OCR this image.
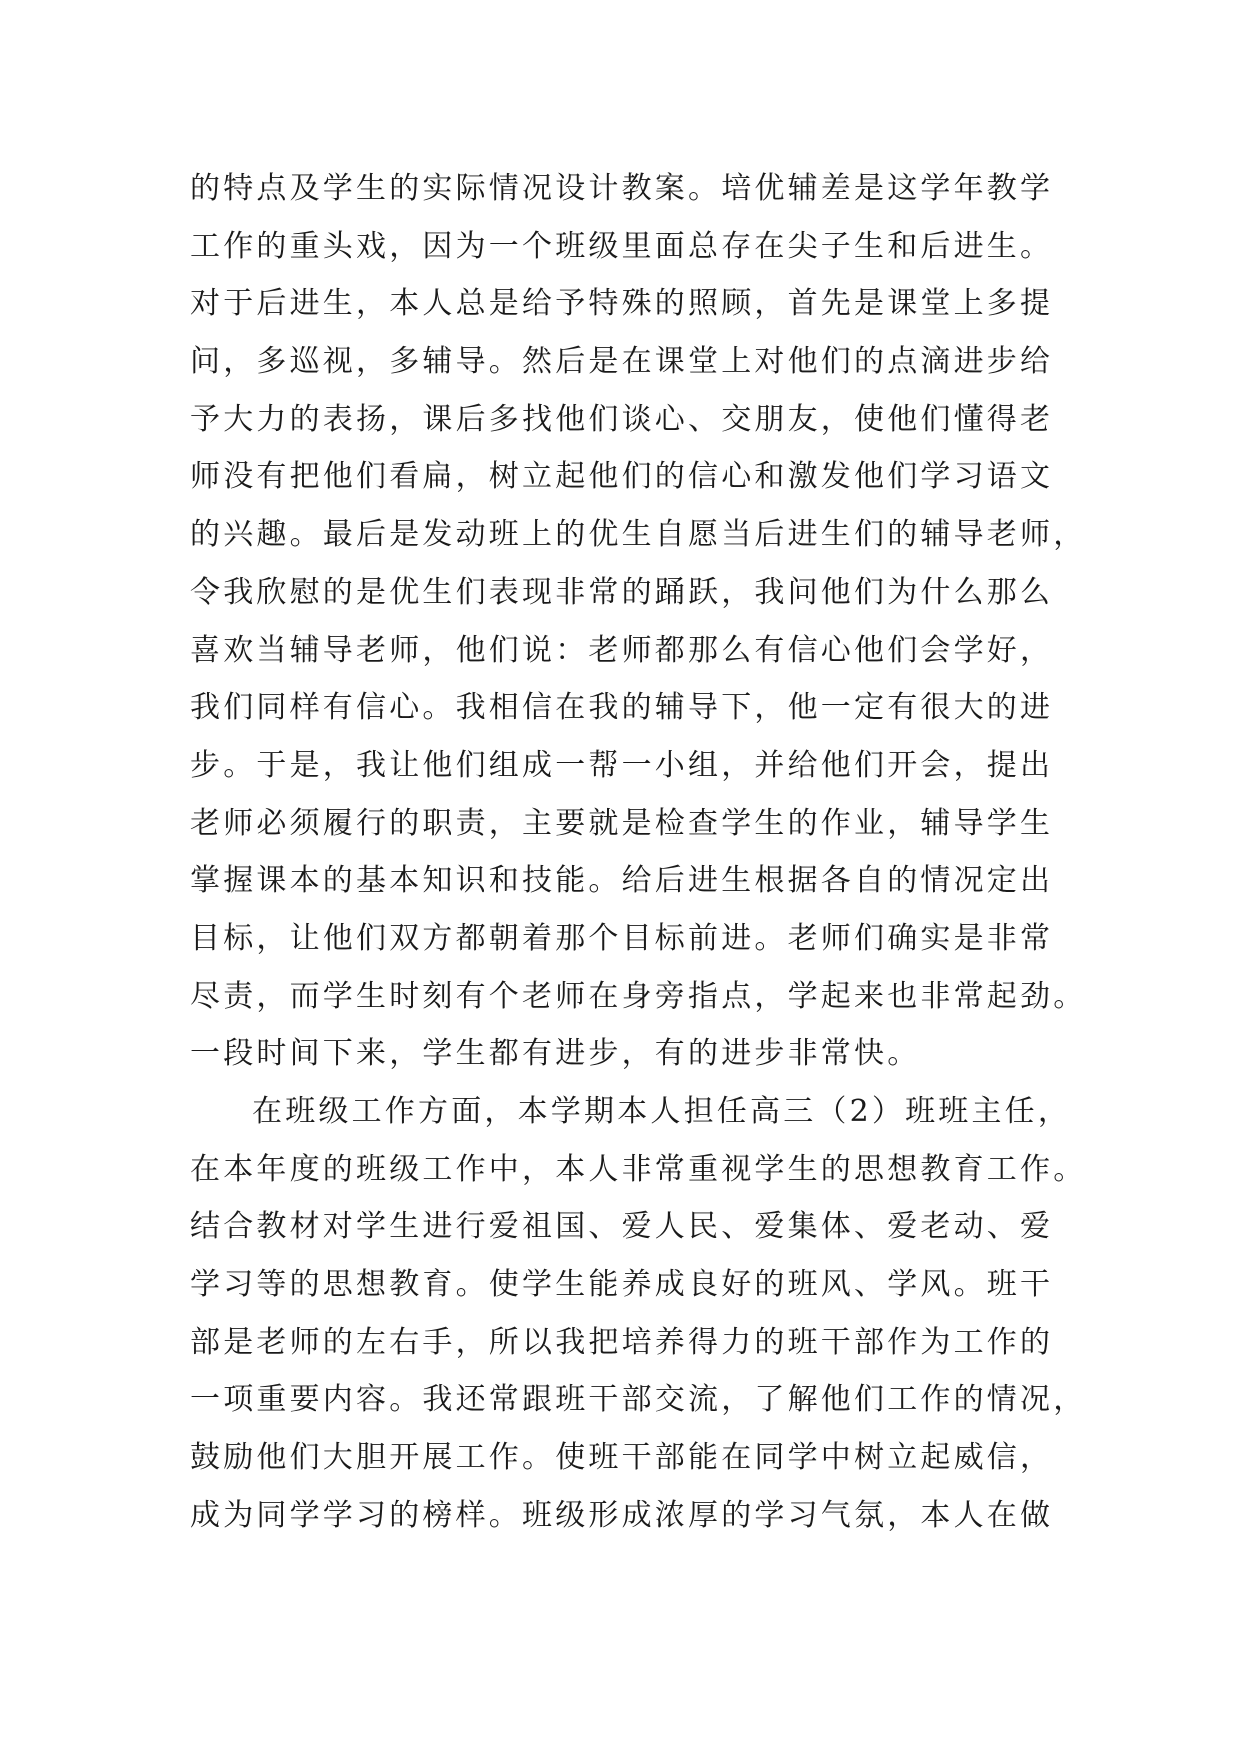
的特点及学生的实际情况设计教案。培优辅差是这学年教学
工作的重头戏，因为一个班级里面总存在尖子生和后进生。
对于后进生，本人总是给予特殊的照顾，首先是课堂上多提
问，多巡视，多辅导。然后是在课堂上对他们的点滴进步给
予大力的表扬，课后多找他们谈心、交朋友，使他们懂得老
师没有把他们看扁，树立起他们的信心和激发他们学习语文
的兴趣。最后是发动班上的优生自愿当后进生们的辅导老师，
令我欣慰的是优生们表现非常的踊跃，我问他们为什么那么
喜欢当辅导老师，他们说：老师都那么有信心他们会学好，
我们同样有信心。我相信在我的辅导下，他一定有很大的进
步。于是，我让他们组成一帮一小组，并给他们开会，提出
老师必须履行的职责，主要就是检查学生的作业，辅导学生
掌握课本的基本知识和技能。给后进生根据各自的情况定出
目标，让他们双方都朝着那个目标前进。老师们确实是非常
尽责，而学生时刻有个老师在身旁指点，学起来也非常起劲。
一段时间下来，学生都有进步，有的进步非常快。
在班级工作方面，本学期本人担任高三（2）班班主任，
在本年度的班级工作中，本人非常重视学生的思想教育工作。
结合教材对学生进行爱祖国、爱人民、爱集体、爱老动、爱
学习等的思想教育。使学生能养成良好的班风、学风。班干
部是老师的左右手，所以我把培养得力的班干部作为工作的
一项重要内容。我还常跟班干部交流，了解他们工作的情况，
鼓励他们大胆开展工作。使班干部能在同学中树立起威信，
成为同学学习的榜样。班级形成浓厚的学习气氛，本人在做
